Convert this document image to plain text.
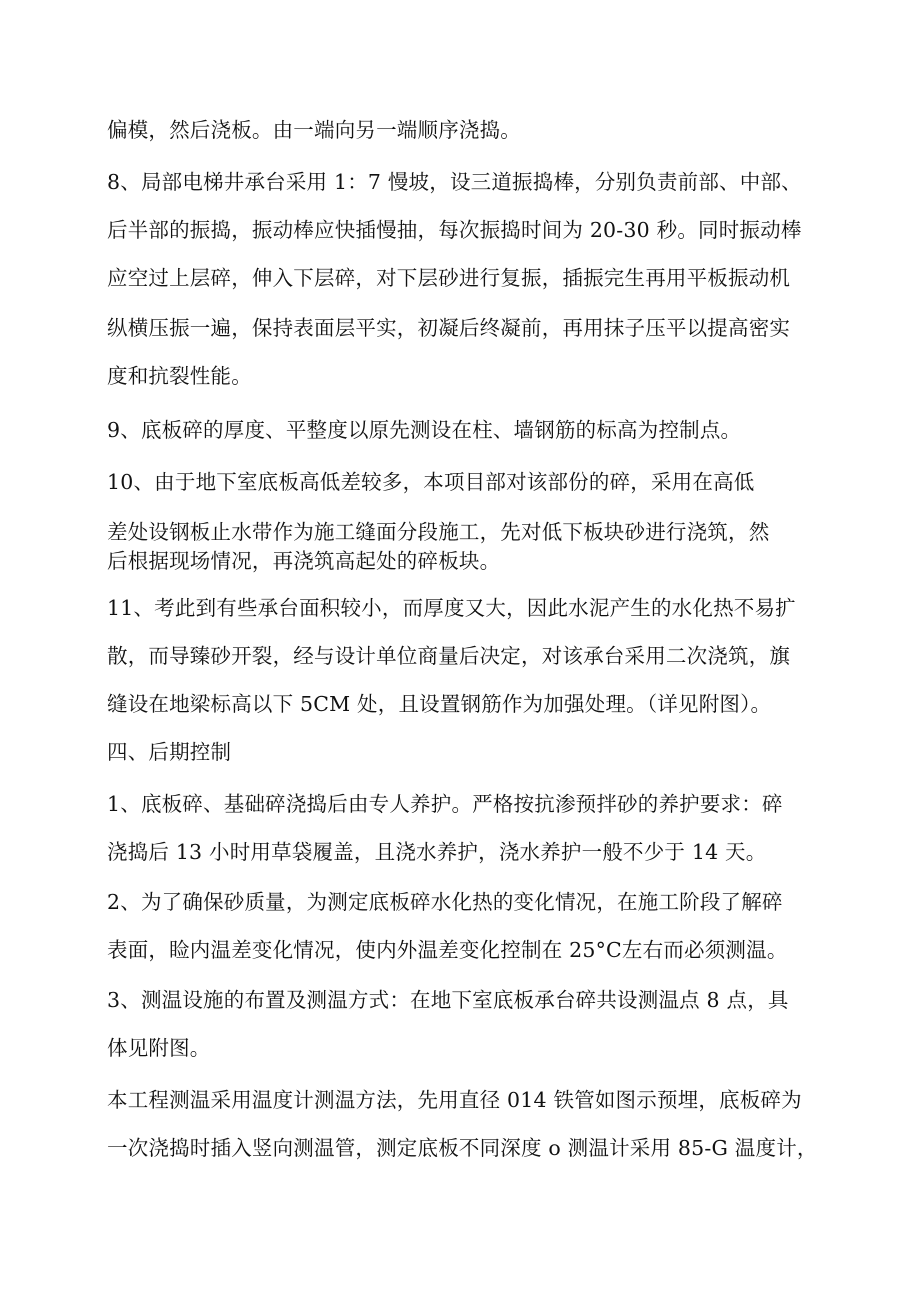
偏模，然后浇板。由一端向另一端顺序浇捣。
8、局部电梯井承台采用 1：7 慢坡，设三道振捣棒，分别负责前部、中部、
后半部的振捣，振动棒应快插慢抽，每次振捣时间为 20-30 秒。同时振动棒
应空过上层碎，伸入下层碎，对下层砂进行复振，插振完生再用平板振动机
纵横压振一遍，保持表面层平实，初凝后终凝前，再用抹子压平以提高密实
度和抗裂性能。
9、底板碎的厚度、平整度以原先测设在柱、墙钢筋的标高为控制点。
10、由于地下室底板高低差较多，本项目部对该部份的碎，采用在高低
差处设钢板止水带作为施工缝面分段施工，先对低下板块砂进行浇筑，然
后根据现场情况，再浇筑高起处的碎板块。
11、考此到有些承台面积较小，而厚度又大，因此水泥产生的水化热不易扩
散，而导臻砂开裂，经与设计单位商量后决定，对该承台采用二次浇筑，旗
缝设在地梁标高以下 5CM 处，且设置钢筋作为加强处理。（详见附图）。
四、后期控制
1、底板碎、基础碎浇捣后由专人养护。严格按抗渗预拌砂的养护要求：碎
浇捣后 13 小时用草袋履盖，且浇水养护，浇水养护一般不少于 14 天。
2、为了确保砂质量，为测定底板碎水化热的变化情况，在施工阶段了解碎
表面，睑内温差变化情况，使内外温差变化控制在 25°C左右而必须测温。
3、测温设施的布置及测温方式：在地下室底板承台碎共设测温点 8 点，具
体见附图。
本工程测温采用温度计测温方法，先用直径 014 铁管如图示预埋，底板碎为
一次浇捣时插入竖向测温管，测定底板不同深度 o 测温计采用 85-G 温度计，
